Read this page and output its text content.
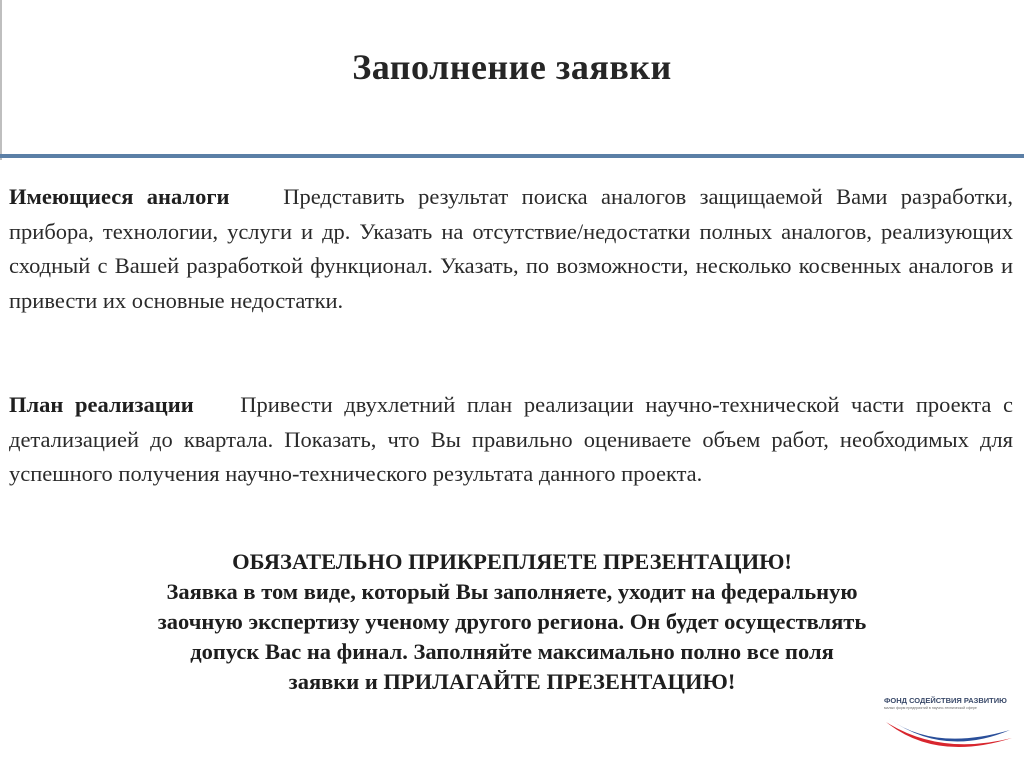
Заполнение заявки
Имеющиеся аналоги Представить результат поиска аналогов защищаемой Вами разработки, прибора, технологии, услуги и др. Указать на отсутствие/недостатки полных аналогов, реализующих сходный с Вашей разработкой функционал. Указать, по возможности, несколько косвенных аналогов и привести их основные недостатки.
План реализации Привести двухлетний план реализации научно-технической части проекта с детализацией до квартала. Показать, что Вы правильно оцениваете объем работ, необходимых для успешного получения научно-технического результата данного проекта.
ОБЯЗАТЕЛЬНО ПРИКРЕПЛЯЕТЕ ПРЕЗЕНТАЦИЮ!
Заявка в том виде, который Вы заполняете, уходит на федеральную
заочную экспертизу ученому другого региона. Он будет осуществлять
допуск Вас на финал. Заполняйте максимально полно все поля
заявки и ПРИЛАГАЙТЕ ПРЕЗЕНТАЦИЮ!
ФОНД СОДЕЙСТВИЯ РАЗВИТИЮ
малых форм предприятий в научно-технической сфере
